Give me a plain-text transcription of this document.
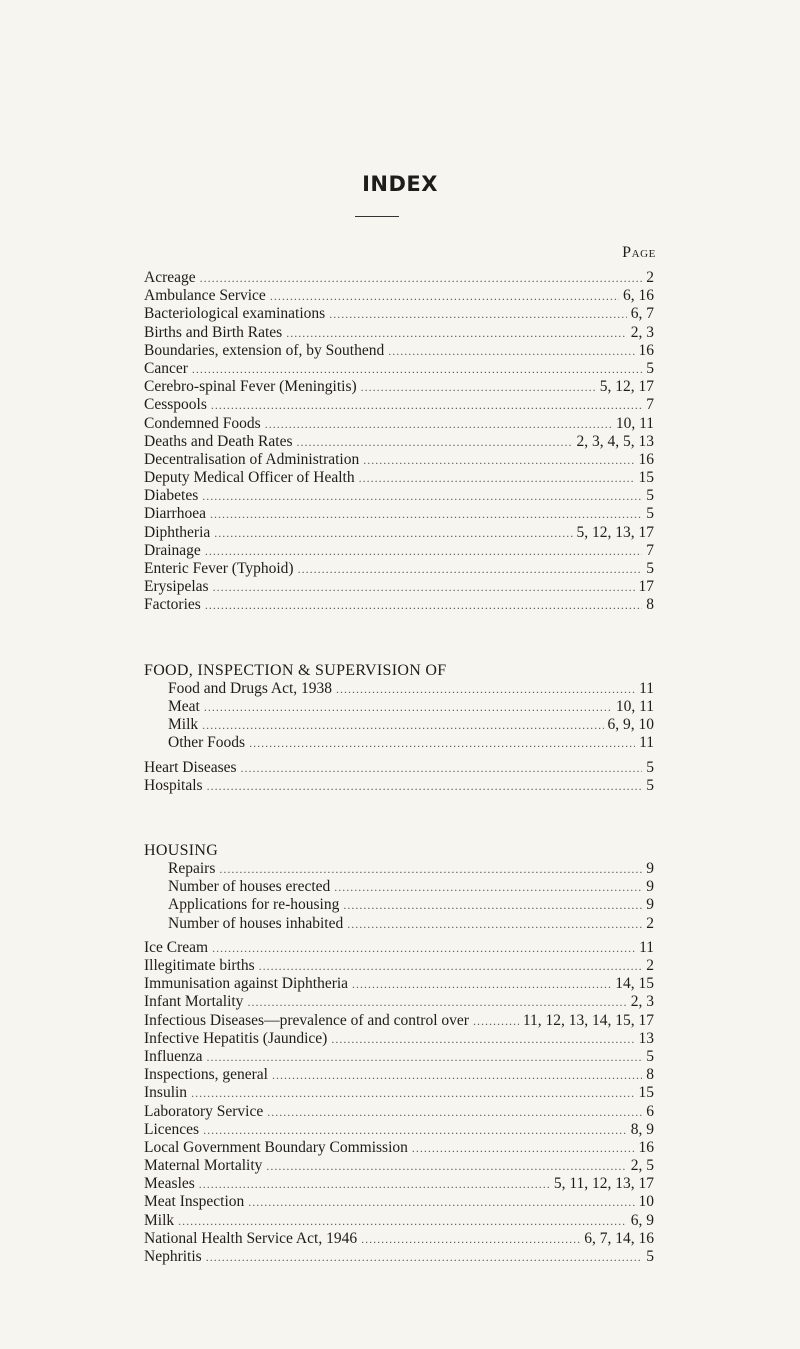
INDEX
Page
Acreage .....	2
Ambulance Service .....	6, 16
Bacteriological examinations .....	6, 7
Births and Birth Rates .....	2, 3
Boundaries, extension of, by Southend .....	16
Cancer .....	5
Cerebro-spinal Fever (Meningitis) .....	5, 12, 17
Cesspools .....	7
Condemned Foods .....	10, 11
Deaths and Death Rates .....	2, 3, 4, 5, 13
Decentralisation of Administration .....	16
Deputy Medical Officer of Health .....	15
Diabetes .....	5
Diarrhoea .....	5
Diphtheria .....	5, 12, 13, 17
Drainage .....	7
Enteric Fever (Typhoid) .....	5
Erysipelas .....	17
Factories .....	8
FOOD, INSPECTION & SUPERVISION OF
Food and Drugs Act, 1938 .....	11
Meat .....	10, 11
Milk .....	6, 9, 10
Other Foods .....	11
Heart Diseases .....	5
Hospitals .....	5
HOUSING
Repairs .....	9
Number of houses erected .....	9
Applications for re-housing .....	9
Number of houses inhabited .....	2
Ice Cream .....	11
Illegitimate births .....	2
Immunisation against Diphtheria .....	14, 15
Infant Mortality .....	2, 3
Infectious Diseases—prevalence of and control over .....	11, 12, 13, 14, 15, 17
Infective Hepatitis (Jaundice) .....	13
Influenza .....	5
Inspections, general .....	8
Insulin .....	15
Laboratory Service .....	6
Licences .....	8, 9
Local Government Boundary Commission .....	16
Maternal Mortality .....	2, 5
Measles .....	5, 11, 12, 13, 17
Meat Inspection .....	10
Milk .....	6, 9
National Health Service Act, 1946 .....	6, 7, 14, 16
Nephritis .....	5
